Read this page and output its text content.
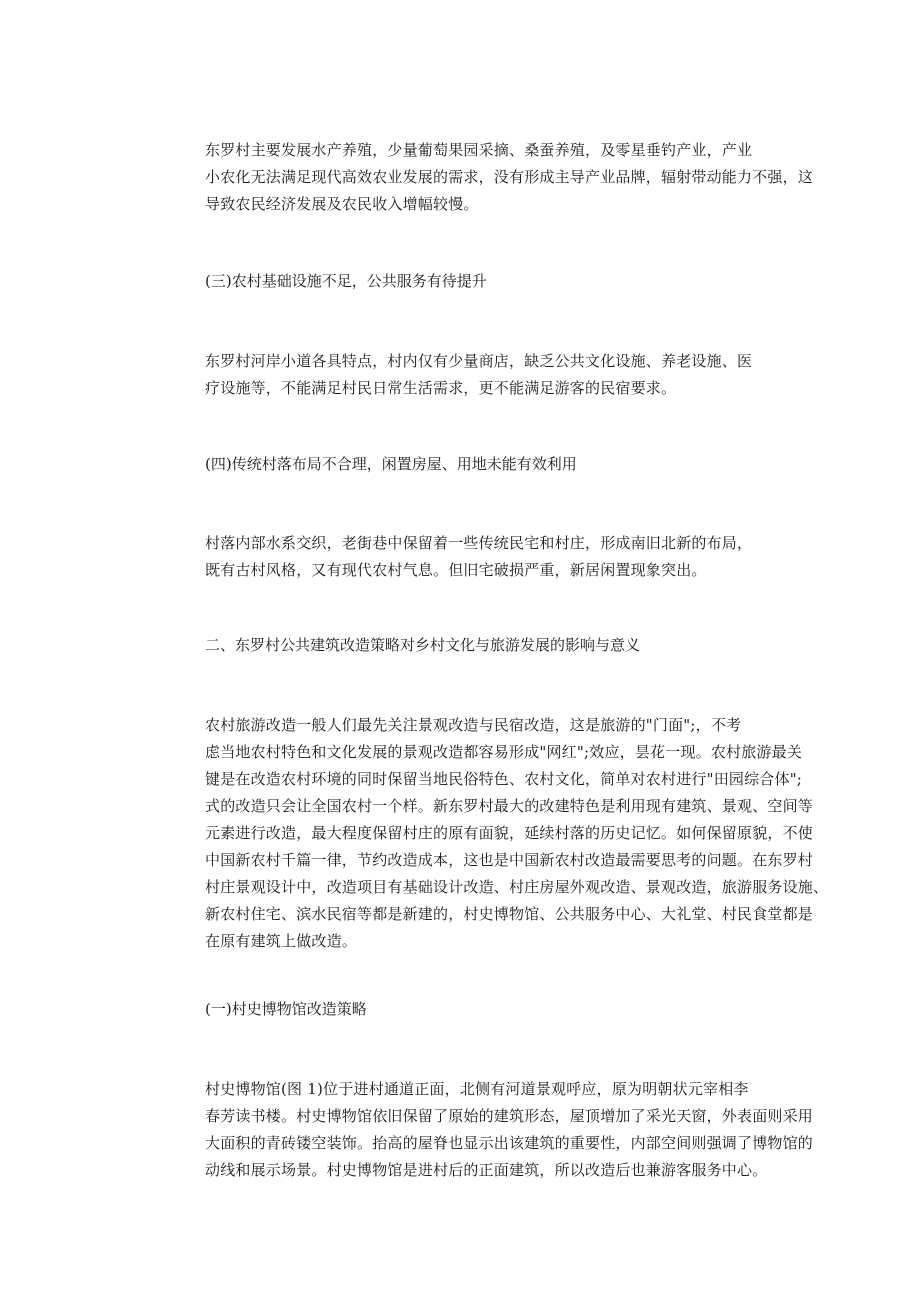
东罗村主要发展水产养殖，少量葡萄果园采摘、桑蚕养殖，及零星垂钓产业，产业
小农化无法满足现代高效农业发展的需求，没有形成主导产业品牌，辐射带动能力不强，这
导致农民经济发展及农民收入增幅较慢。

(三)农村基础设施不足，公共服务有待提升

东罗村河岸小道各具特点，村内仅有少量商店，缺乏公共文化设施、养老设施、医
疗设施等，不能满足村民日常生活需求，更不能满足游客的民宿要求。

(四)传统村落布局不合理，闲置房屋、用地未能有效利用

村落内部水系交织，老街巷中保留着一些传统民宅和村庄，形成南旧北新的布局，
既有古村风格，又有现代农村气息。但旧宅破损严重，新居闲置现象突出。

二、东罗村公共建筑改造策略对乡村文化与旅游发展的影响与意义

农村旅游改造一般人们最先关注景观改造与民宿改造，这是旅游的"门面";，不考
虑当地农村特色和文化发展的景观改造都容易形成"网红";效应，昙花一现。农村旅游最关
键是在改造农村环境的同时保留当地民俗特色、农村文化，简单对农村进行"田园综合体";
式的改造只会让全国农村一个样。新东罗村最大的改建特色是利用现有建筑、景观、空间等
元素进行改造，最大程度保留村庄的原有面貌，延续村落的历史记忆。如何保留原貌，不使
中国新农村千篇一律，节约改造成本，这也是中国新农村改造最需要思考的问题。在东罗村
村庄景观设计中，改造项目有基础设计改造、村庄房屋外观改造、景观改造，旅游服务设施、
新农村住宅、滨水民宿等都是新建的，村史博物馆、公共服务中心、大礼堂、村民食堂都是
在原有建筑上做改造。

(一)村史博物馆改造策略

村史博物馆(图 1)位于进村通道正面，北侧有河道景观呼应，原为明朝状元宰相李
春芳读书楼。村史博物馆依旧保留了原始的建筑形态，屋顶增加了采光天窗，外表面则采用
大面积的青砖镂空装饰。抬高的屋脊也显示出该建筑的重要性，内部空间则强调了博物馆的
动线和展示场景。村史博物馆是进村后的正面建筑，所以改造后也兼游客服务中心。
